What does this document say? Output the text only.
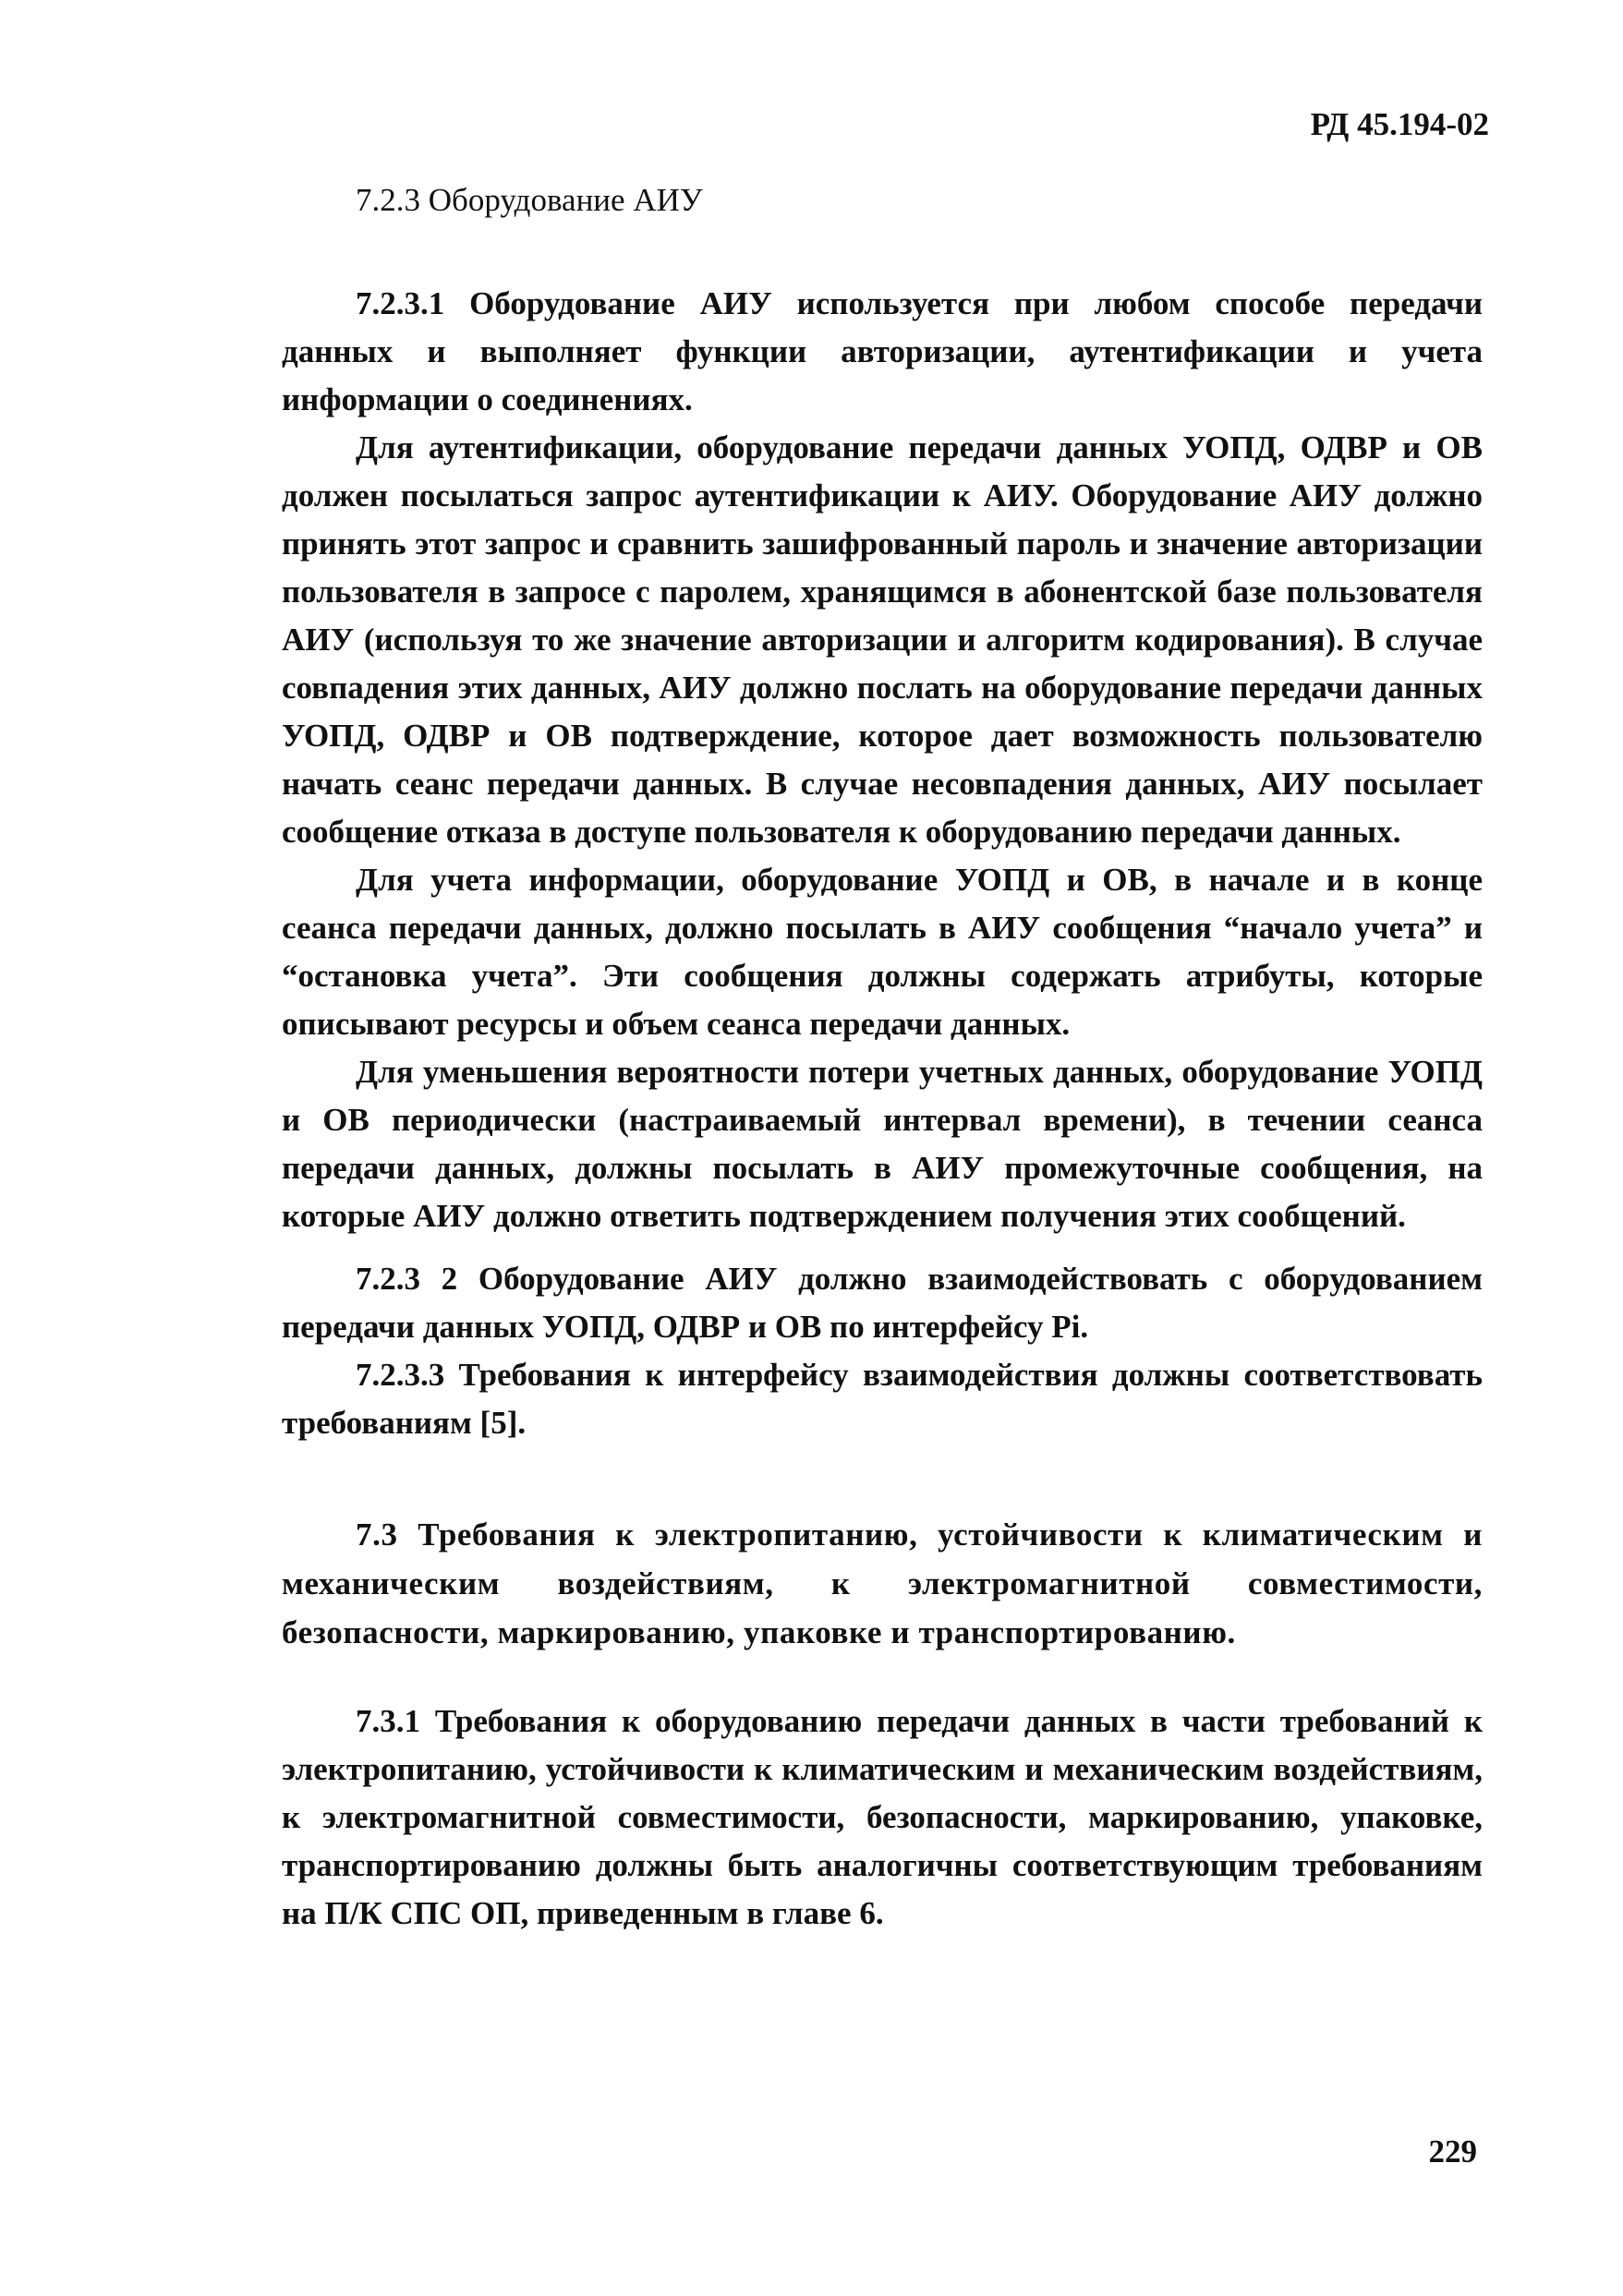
РД 45.194-02
7.2.3 Оборудование АИУ

7.2.3.1 Оборудование АИУ используется при любом способе передачи данных и выполняет функции авторизации, аутентификации и учета информации о соединениях.

Для аутентификации, оборудование передачи данных УОПД, ОДВР и ОВ должен посылаться запрос аутентификации к АИУ. Оборудование АИУ должно принять этот запрос и сравнить зашифрованный пароль и значение авторизации пользователя в запросе с паролем, хранящимся в абонентской базе пользователя АИУ (используя то же значение авторизации и алгоритм кодирования). В случае совпадения этих данных, АИУ должно послать на оборудование передачи данных УОПД, ОДВР и ОВ подтверждение, которое дает возможность пользователю начать сеанс передачи данных. В случае несовпадения данных, АИУ посылает сообщение отказа в доступе пользователя к оборудованию передачи данных.

Для учета информации, оборудование УОПД и ОВ, в начале и в конце сеанса передачи данных, должно посылать в АИУ сообщения “начало учета” и “остановка учета”. Эти сообщения должны содержать атрибуты, которые описывают ресурсы и объем сеанса передачи данных.

Для уменьшения вероятности потери учетных данных, оборудование УОПД и ОВ периодически (настраиваемый интервал времени), в течении сеанса передачи данных, должны посылать в АИУ промежуточные сообщения, на которые АИУ должно ответить подтверждением получения этих сообщений.

7.2.3 2 Оборудование АИУ должно взаимодействовать с оборудованием передачи данных УОПД, ОДВР и ОВ по интерфейсу Pi.

7.2.3.3 Требования к интерфейсу взаимодействия должны соответствовать требованиям [5].

7.3 Требования к электропитанию, устойчивости к климатическим и механическим воздействиям, к электромагнитной совместимости, безопасности, маркированию, упаковке и транспортированию.

7.3.1 Требования к оборудованию передачи данных в части требований к электропитанию, устойчивости к климатическим и механическим воздействиям, к электромагнитной совместимости, безопасности, маркированию, упаковке, транспортированию должны быть аналогичны соответствующим требованиям на П/К СПС ОП, приведенным в главе 6.

229
